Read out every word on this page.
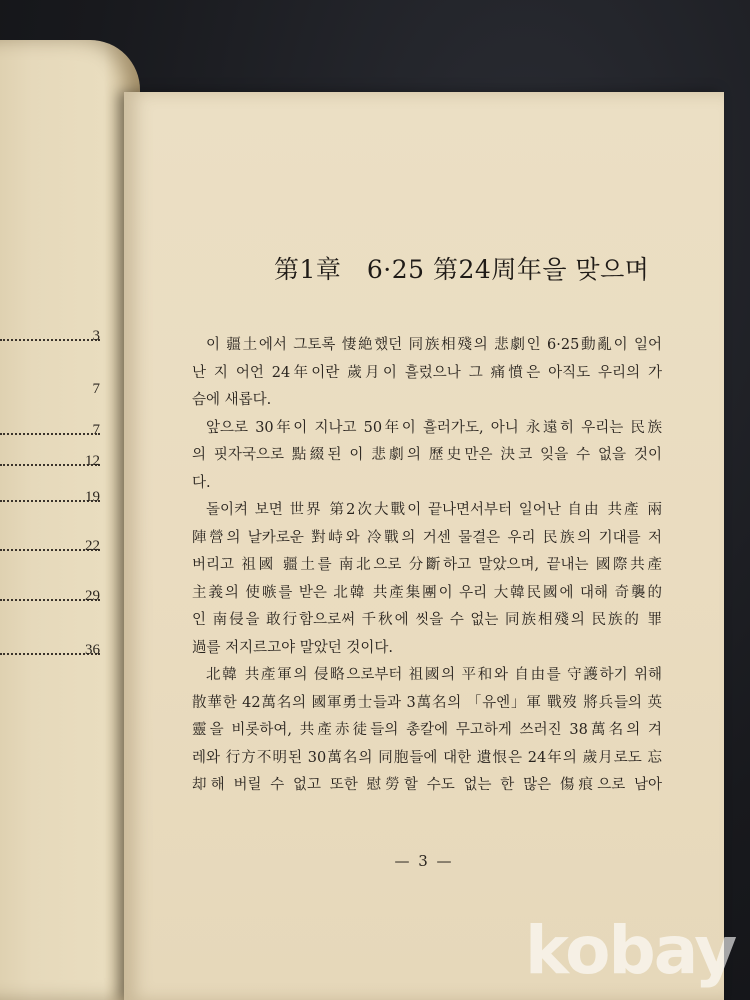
3
7
7
12
19
22
29
36
第1章　6·25 第24周年을 맞으며
이 疆土에서 그토록 悽絶했던 同族相殘의 悲劇인 6·25動亂이 일어
난 지 어언 24年이란 歲月이 흘렀으나 그 痛憤은 아직도 우리의 가
슴에 새롭다.
앞으로 30年이 지나고 50年이 흘러가도, 아니 永遠히 우리는 民族
의 핏자국으로 點綴된 이 悲劇의 歷史만은 決코 잊을 수 없을 것이
다.
돌이켜 보면 世界 第2次大戰이 끝나면서부터 일어난 自由 共產 兩
陣營의 날카로운 對峙와 冷戰의 거센 물결은 우리 民族의 기대를 저
버리고 祖國 疆土를 南北으로 分斷하고 말았으며, 끝내는 國際共產
主義의 使嗾를 받은 北韓 共產集團이 우리 大韓民國에 대해 奇襲的
인 南侵을 敢行함으로써 千秋에 씻을 수 없는 同族相殘의 民族的 罪
過를 저지르고야 말았던 것이다.
北韓 共產軍의 侵略으로부터 祖國의 平和와 自由를 守護하기 위해
散華한 42萬名의 國軍勇士들과 3萬名의 「유엔」軍 戰歿 將兵들의 英
靈을 비롯하여, 共產赤徒들의 총칼에 무고하게 쓰러진 38萬名의 겨
레와 行方不明된 30萬名의 同胞들에 대한 遺恨은 24年의 歲月로도 忘
却해 버릴 수 없고 또한 慰勞할 수도 없는 한 많은 傷痕으로 남아
— 3 —
kobay
